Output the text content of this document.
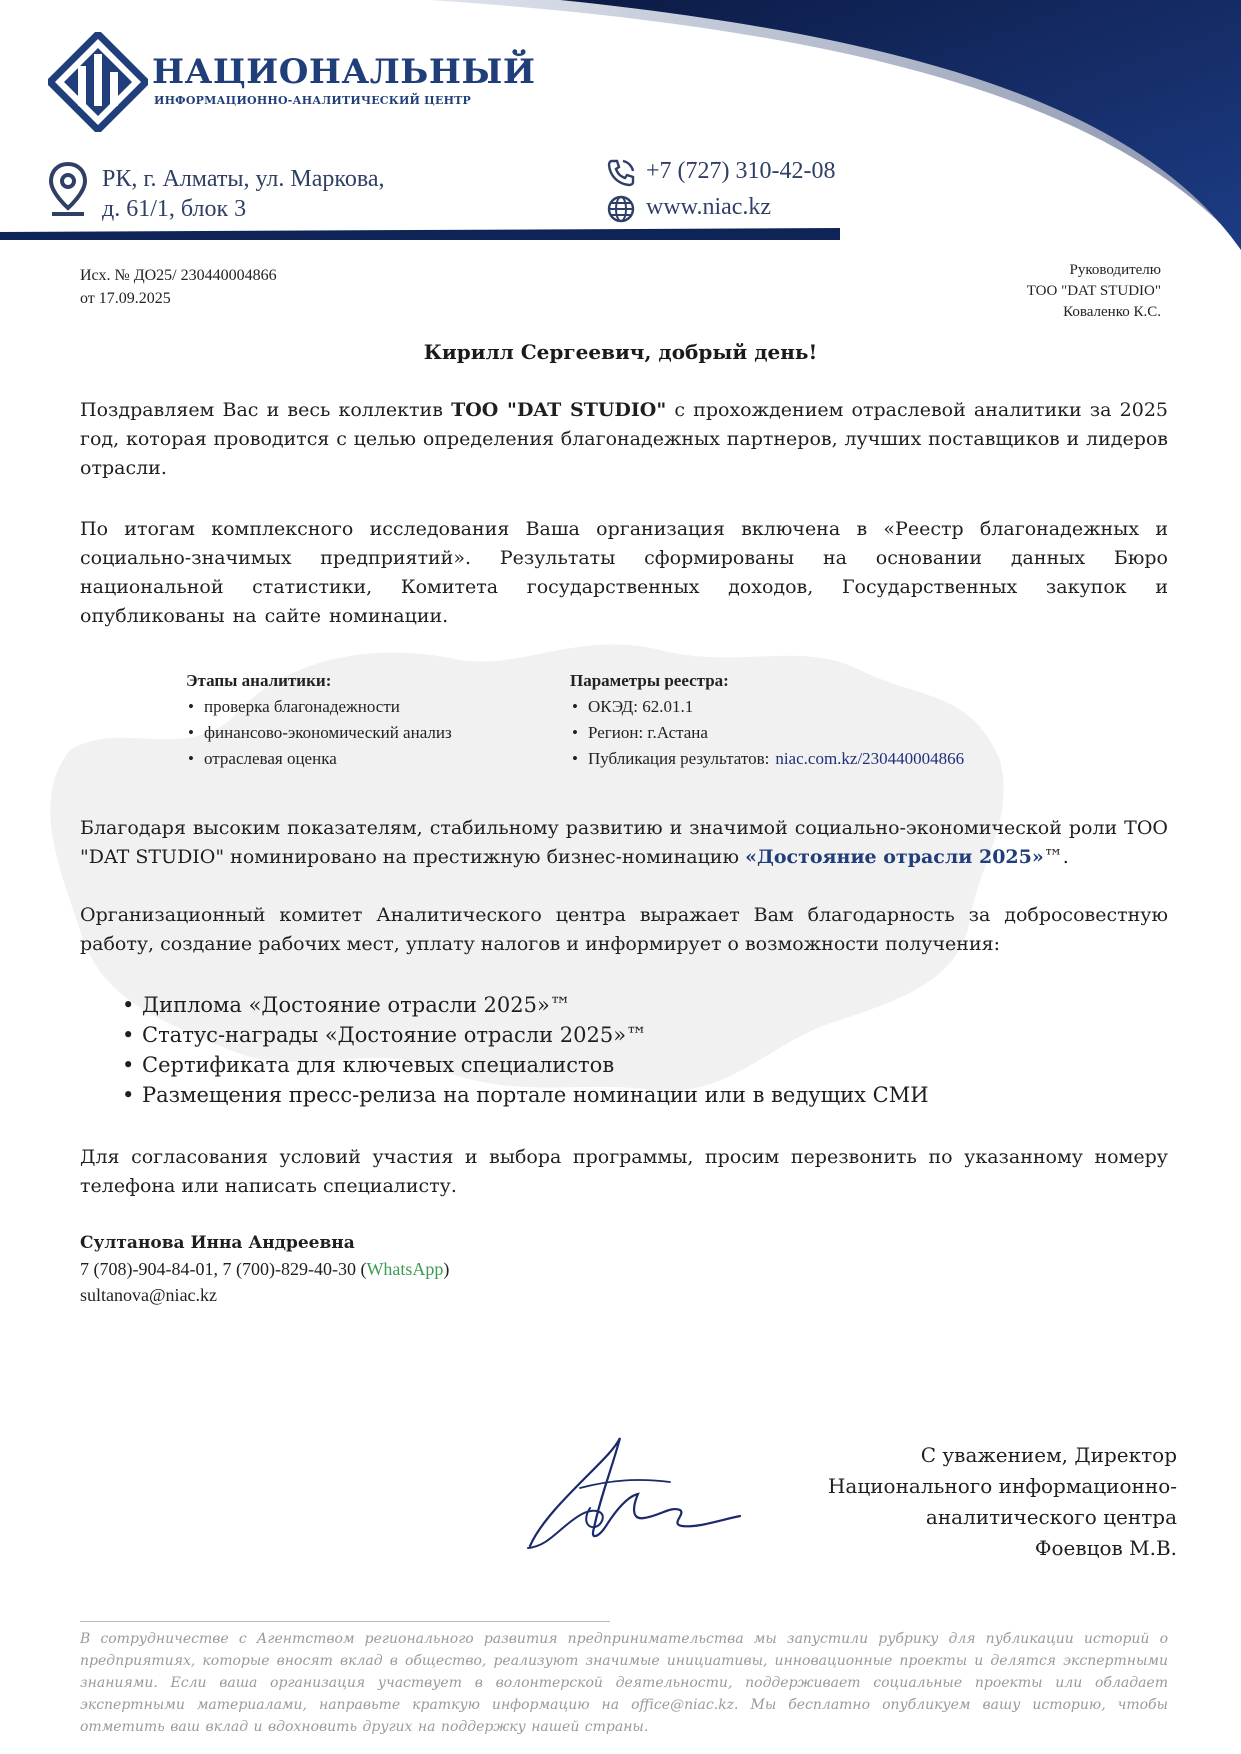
НАЦИОНАЛЬНЫЙ
ИНФОРМАЦИОННО-АНАЛИТИЧЕСКИЙ ЦЕНТР
РК, г. Алматы, ул. Маркова,
д. 61/1, блок 3
+7 (727) 310-42-08
www.niac.kz
Исх. № ДО25/ 230440004866
от 17.09.2025
Руководителю
ТОО "DAT STUDIO"
Коваленко К.С.
Кирилл Сергеевич, добрый день!
Поздравляем Вас и весь коллектив ТОО "DAT STUDIO" с прохождением отраслевой аналитики за 2025 год, которая проводится с целью определения благонадежных партнеров, лучших поставщиков и лидеров отрасли.
По итогам комплексного исследования Ваша организация включена в «Реестр благонадежных и социально-значимых предприятий». Результаты сформированы на основании данных Бюро национальной статистики, Комитета государственных доходов, Государственных закупок и опубликованы на сайте номинации.
Этапы аналитики:
• проверка благонадежности
• финансово-экономический анализ
• отраслевая оценка
Параметры реестра:
• ОКЭД: 62.01.1
• Регион: г.Астана
• Публикация результатов: niac.com.kz/230440004866
Благодаря высоким показателям, стабильному развитию и значимой социально-экономической роли ТОО "DAT STUDIO" номинировано на престижную бизнес-номинацию «Достояние отрасли 2025»™.
Организационный комитет Аналитического центра выражает Вам благодарность за добросовестную работу, создание рабочих мест, уплату налогов и информирует о возможности получения:
• Диплома «Достояние отрасли 2025»™
• Статус-награды «Достояние отрасли 2025»™
• Сертификата для ключевых специалистов
• Размещения пресс-релиза на портале номинации или в ведущих СМИ
Для согласования условий участия и выбора программы, просим перезвонить по указанному номеру телефона или написать специалисту.
Султанова Инна Андреевна
7 (708)-904-84-01, 7 (700)-829-40-30 (WhatsApp)
sultanova@niac.kz
С уважением, Директор
Национального информационно-
аналитического центра
Фоевцов М.В.
В сотрудничестве с Агентством регионального развития предпринимательства мы запустили рубрику для публикации историй о предприятиях, которые вносят вклад в общество, реализуют значимые инициативы, инновационные проекты и делятся экспертными знаниями. Если ваша организация участвует в волонтерской деятельности, поддерживает социальные проекты или обладает экспертными материалами, направьте краткую информацию на office@niac.kz. Мы бесплатно опубликуем вашу историю, чтобы отметить ваш вклад и вдохновить других на поддержку нашей страны.
